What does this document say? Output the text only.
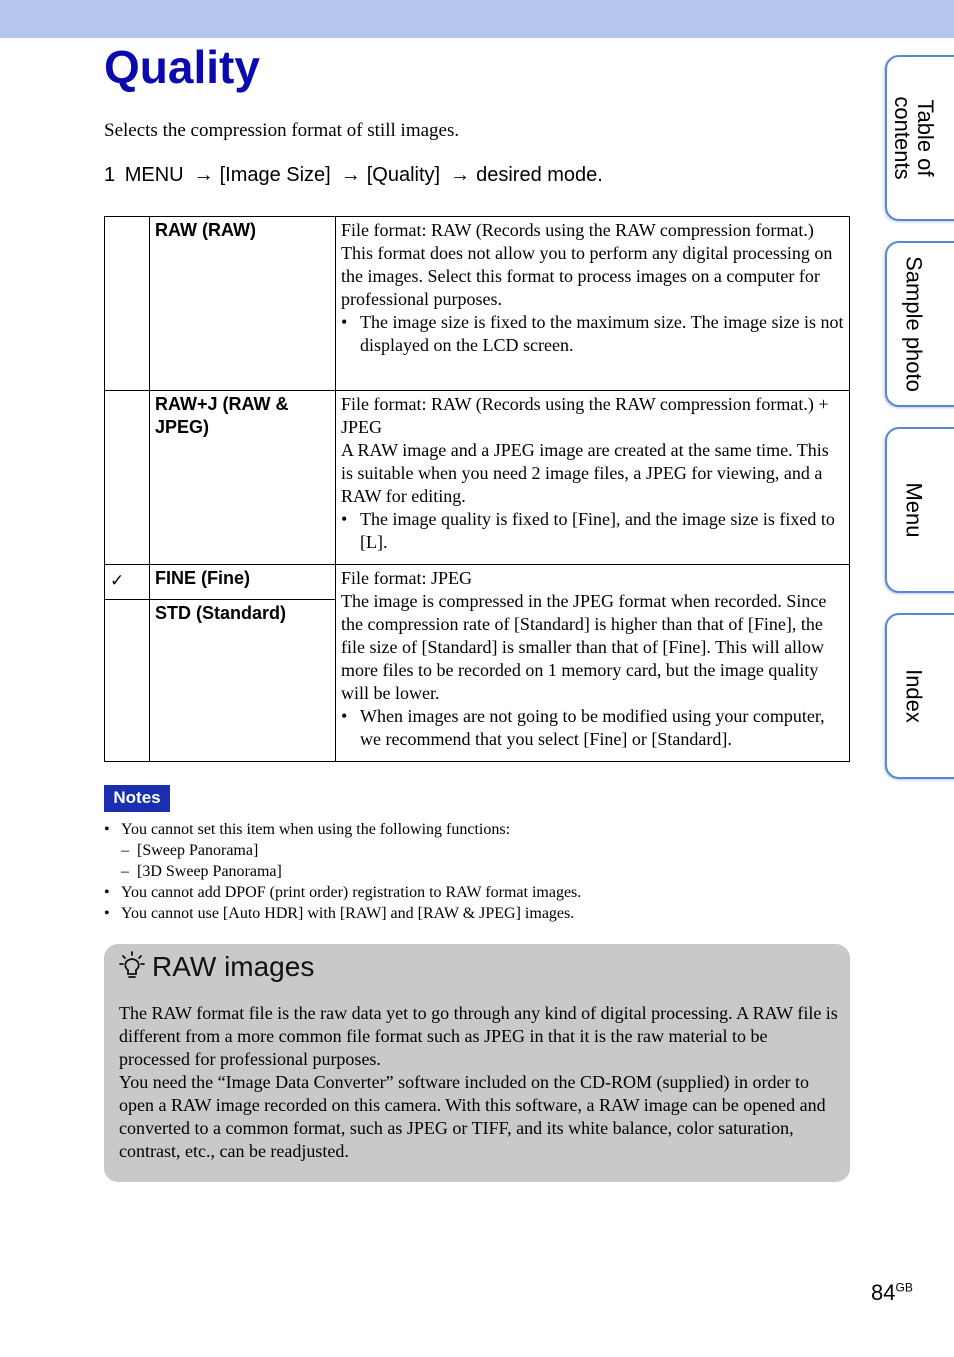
Quality
Selects the compression format of still images.
1 MENU → [Image Size] → [Quality] → desired mode.
	RAW (RAW)	File format: RAW (Records using the RAW compression format.)
This format does not allow you to perform any digital processing on the images. Select this format to process images on a computer for professional purposes.
• The image size is fixed to the maximum size. The image size is not displayed on the LCD screen.

	RAW+J (RAW & JPEG)	File format: RAW (Records using the RAW compression format.) + JPEG
A RAW image and a JPEG image are created at the same time. This is suitable when you need 2 image files, a JPEG for viewing, and a RAW for editing.
• The image quality is fixed to [Fine], and the image size is fixed to [L].

✓	FINE (Fine)	File format: JPEG
The image is compressed in the JPEG format when recorded. Since the compression rate of [Standard] is higher than that of [Fine], the file size of [Standard] is smaller than that of [Fine]. This will allow more files to be recorded on 1 memory card, but the image quality will be lower.
• When images are not going to be modified using your computer, we recommend that you select [Fine] or [Standard].

	STD (Standard)	
Notes
• You cannot set this item when using the following functions:
– [Sweep Panorama]
– [3D Sweep Panorama]
• You cannot add DPOF (print order) registration to RAW format images.
• You cannot use [Auto HDR] with [RAW] and [RAW & JPEG] images.
RAW images
The RAW format file is the raw data yet to go through any kind of digital processing. A RAW file is different from a more common file format such as JPEG in that it is the raw material to be processed for professional purposes.
You need the “Image Data Converter” software included on the CD-ROM (supplied) in order to open a RAW image recorded on this camera. With this software, a RAW image can be opened and converted to a common format, such as JPEG or TIFF, and its white balance, color saturation, contrast, etc., can be readjusted.
Table of
contents
Sample photo
Menu
Index
$84^{GB}$
